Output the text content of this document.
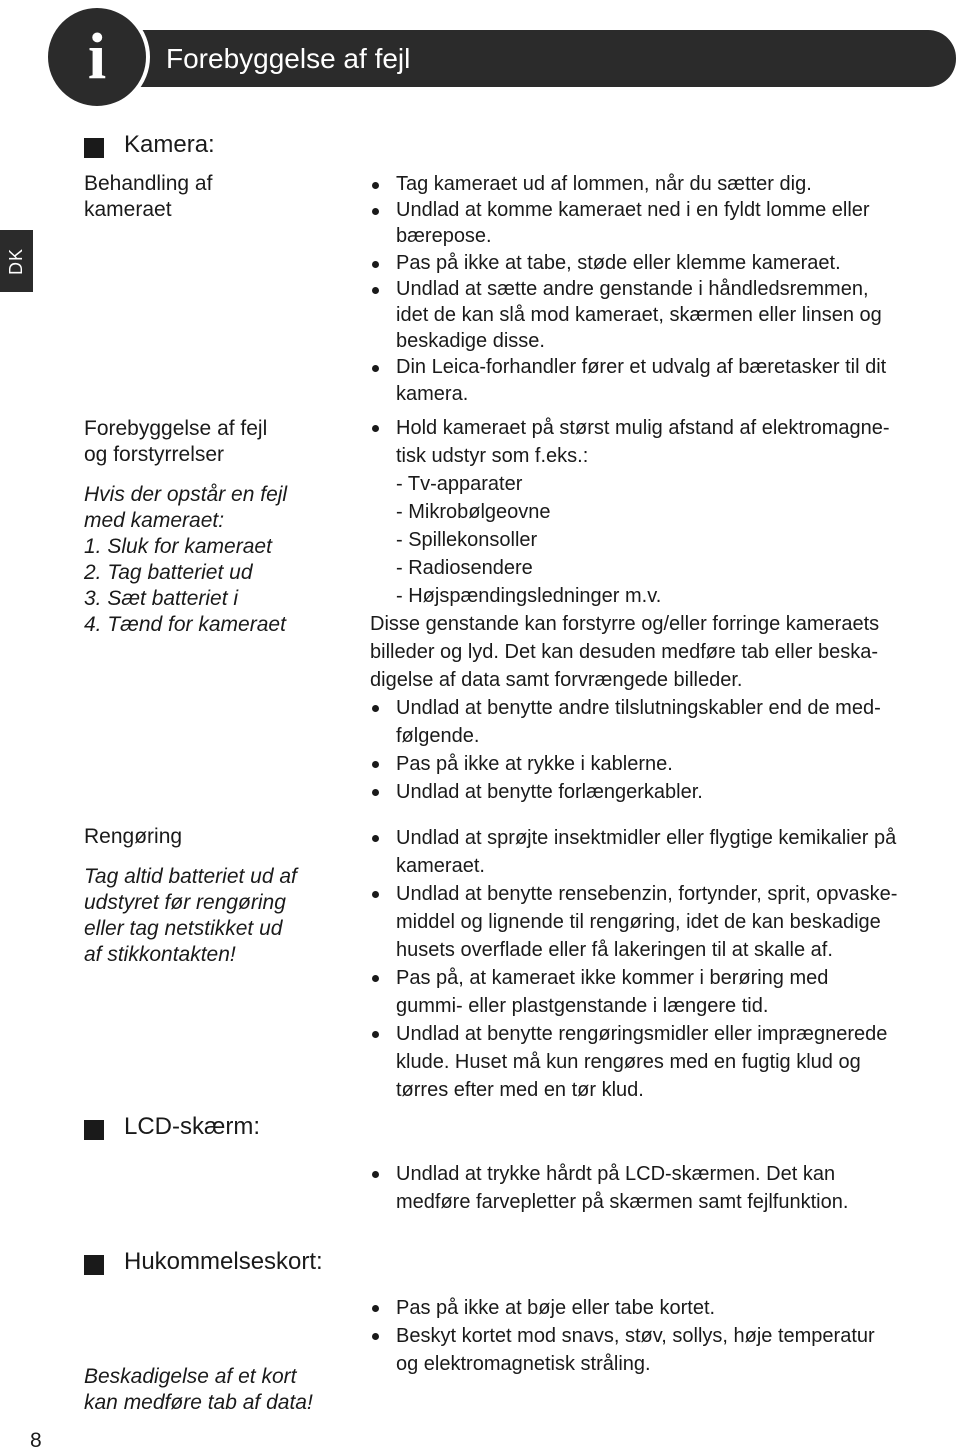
Forebyggelse af fejl
i
DK
Kamera:
Behandling af
kameraet
Tag kameraet ud af lommen, når du sætter dig.
Undlad at komme kameraet ned i en fyldt lomme eller
bærepose.
Pas på ikke at tabe, støde eller klemme kameraet.
Undlad at sætte andre genstande i håndledsremmen,
idet de kan slå mod kameraet, skærmen eller linsen og
beskadige disse.
Din Leica-forhandler fører et udvalg af bæretasker til dit
kamera.
Forebyggelse af fejl
og forstyrrelser
Hvis der opstår en fejl
med kameraet:
1. Sluk for kameraet
2. Tag batteriet ud
3. Sæt batteriet i
4. Tænd for kameraet
Hold kameraet på størst mulig afstand af elektromagne-
tisk udstyr som f.eks.:
- Tv-apparater
- Mikrobølgeovne
- Spillekonsoller
- Radiosendere
- Højspændingsledninger m.v.
Disse genstande kan forstyrre og/eller forringe kameraets
billeder og lyd. Det kan desuden medføre tab eller beska-
digelse af data samt forvrængede billeder.
Undlad at benytte andre tilslutningskabler end de med-
følgende.
Pas på ikke at rykke i kablerne.
Undlad at benytte forlængerkabler.
Rengøring
Tag altid batteriet ud af
udstyret før rengøring
eller tag netstikket ud
af stikkontakten!
Undlad at sprøjte insektmidler eller flygtige kemikalier på
kameraet.
Undlad at benytte rensebenzin, fortynder, sprit, opvaske-
middel og lignende til rengøring, idet de kan beskadige
husets overflade eller få lakeringen til at skalle af.
Pas på, at kameraet ikke kommer i berøring med
gummi- eller plastgenstande i længere tid.
Undlad at benytte rengøringsmidler eller imprægnerede
klude. Huset må kun rengøres med en fugtig klud og
tørres efter med en tør klud.
LCD-skærm:
Undlad at trykke hårdt på LCD-skærmen. Det kan
medføre farvepletter på skærmen samt fejlfunktion.
Hukommelseskort:
Beskadigelse af et kort
kan medføre tab af data!
Pas på ikke at bøje eller tabe kortet.
Beskyt kortet mod snavs, støv, sollys, høje temperatur
og elektromagnetisk stråling.
8
